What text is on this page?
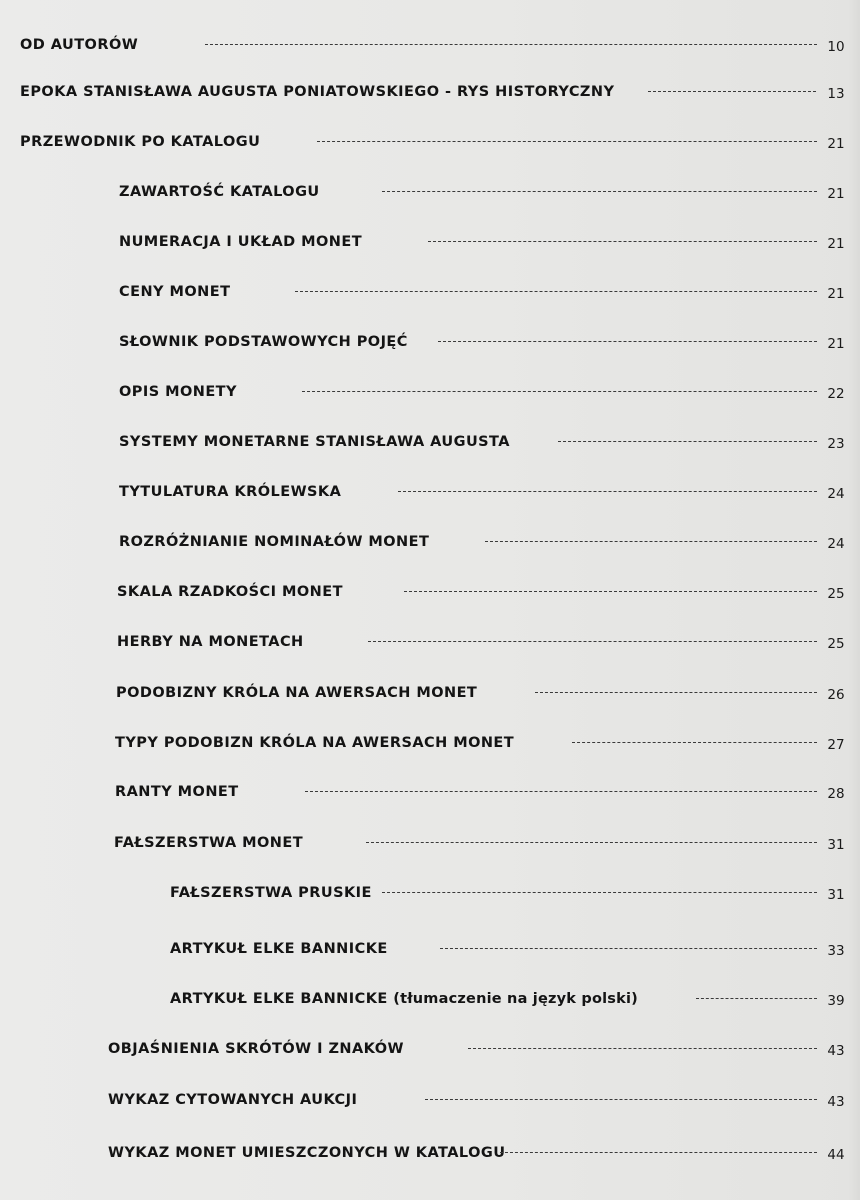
OD AUTORÓW	10
EPOKA STANISŁAWA AUGUSTA PONIATOWSKIEGO - RYS HISTORYCZNY	13
PRZEWODNIK PO KATALOGU	21
ZAWARTOŚĆ KATALOGU	21
NUMERACJA I UKŁAD MONET	21
CENY MONET	21
SŁOWNIK PODSTAWOWYCH POJĘĆ	21
OPIS MONETY	22
SYSTEMY MONETARNE STANISŁAWA AUGUSTA	23
TYTULATURA KRÓLEWSKA	24
ROZRÓŻNIANIE NOMINAŁÓW MONET	24
SKALA RZADKOŚCI MONET	25
HERBY NA MONETACH	25
PODOBIZNY KRÓLA NA AWERSACH MONET	26
TYPY PODOBIZN KRÓLA NA AWERSACH MONET	27
RANTY MONET	28
FAŁSZERSTWA MONET	31
FAŁSZERSTWA PRUSKIE	31
ARTYKUŁ ELKE BANNICKE	33
ARTYKUŁ ELKE BANNICKE (tłumaczenie na język polski)	39
OBJAŚNIENIA SKRÓTÓW I ZNAKÓW	43
WYKAZ CYTOWANYCH AUKCJI	43
WYKAZ MONET UMIESZCZONYCH W KATALOGU	44
